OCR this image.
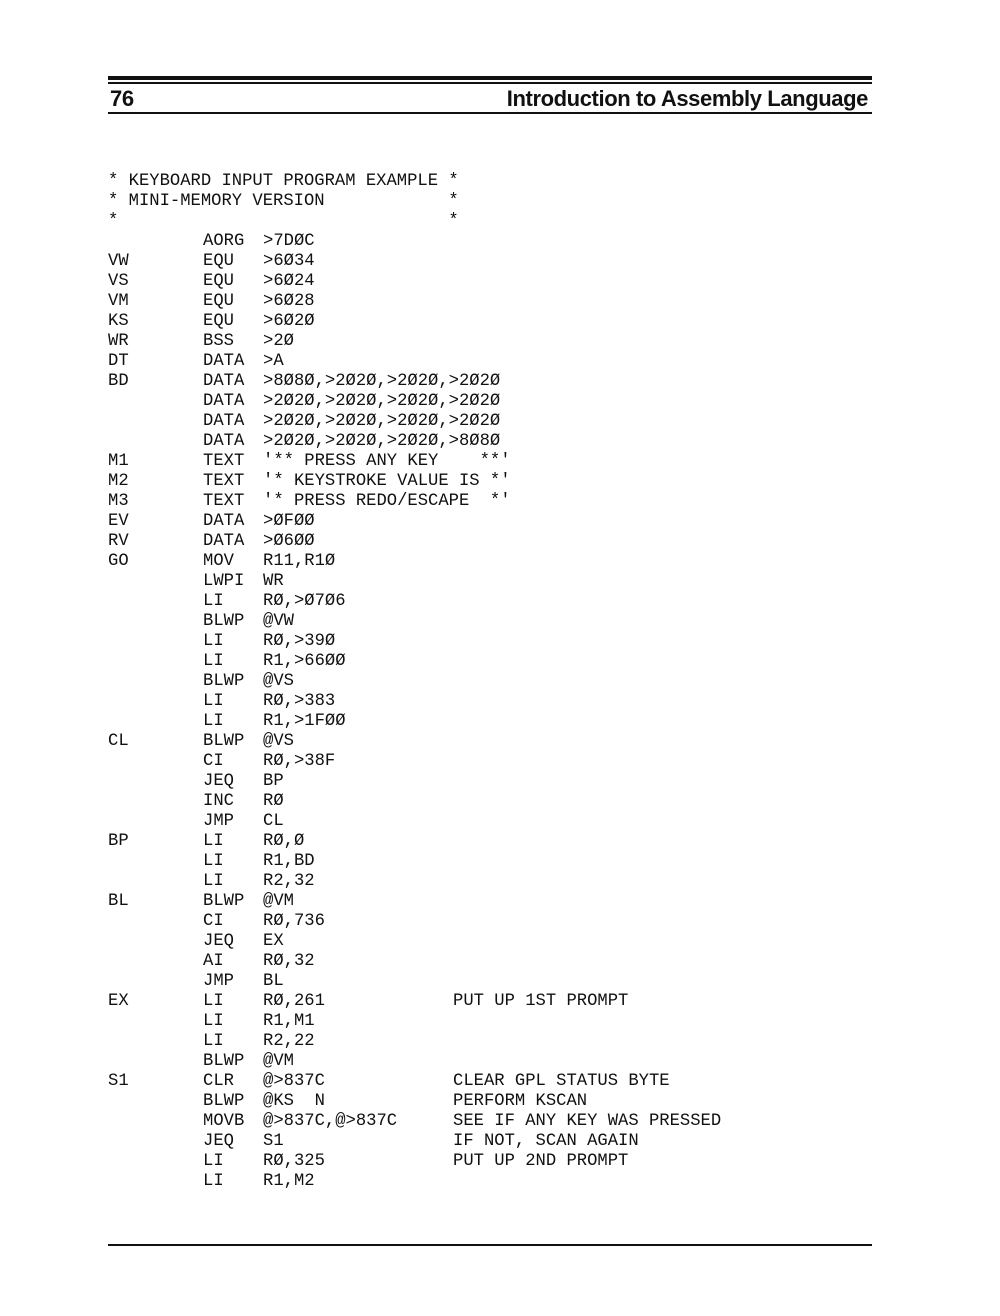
76	Introduction to Assembly Language
* KEYBOARD INPUT PROGRAM EXAMPLE *
* MINI-MEMORY VERSION            *
*                                *
AORG >7DØC
VW	EQU >6Ø34
VS	EQU >6Ø24
VM	EQU >6Ø28
KS	EQU >6Ø2Ø
WR	BSS >2Ø
DT	DATA >A
BD	DATA >8Ø8Ø,>2Ø2Ø,>2Ø2Ø,>2Ø2Ø
DATA >2Ø2Ø,>2Ø2Ø,>2Ø2Ø,>2Ø2Ø
DATA >2Ø2Ø,>2Ø2Ø,>2Ø2Ø,>2Ø2Ø
DATA >2Ø2Ø,>2Ø2Ø,>2Ø2Ø,>8Ø8Ø
M1	TEXT '** PRESS ANY KEY    **'
M2	TEXT '* KEYSTROKE VALUE IS *'
M3	TEXT '* PRESS REDO/ESCAPE  *'
EV	DATA >ØFØØ
RV	DATA >Ø6ØØ
GO	MOV R11,R1Ø
LWPI WR
LI RØ,>Ø7Ø6
BLWP @VW
LI RØ,>39Ø
LI R1,>66ØØ
BLWP @VS
LI RØ,>383
LI R1,>1FØØ
CL	BLWP @VS
CI RØ,>38F
JEQ BP
INC RØ
JMP CL
BP	LI RØ,Ø
LI R1,BD
LI R2,32
BL	BLWP @VM
CI RØ,736
JEQ EX
AI RØ,32
JMP BL
EX	LI RØ,261	PUT UP 1ST PROMPT
LI R1,M1
LI R2,22
BLWP @VM
S1	CLR @>837C	CLEAR GPL STATUS BYTE
BLWP @KS  N	PERFORM KSCAN
MOVB @>837C,@>837C	SEE IF ANY KEY WAS PRESSED
JEQ S1	IF NOT, SCAN AGAIN
LI RØ,325	PUT UP 2ND PROMPT
LI R1,M2
